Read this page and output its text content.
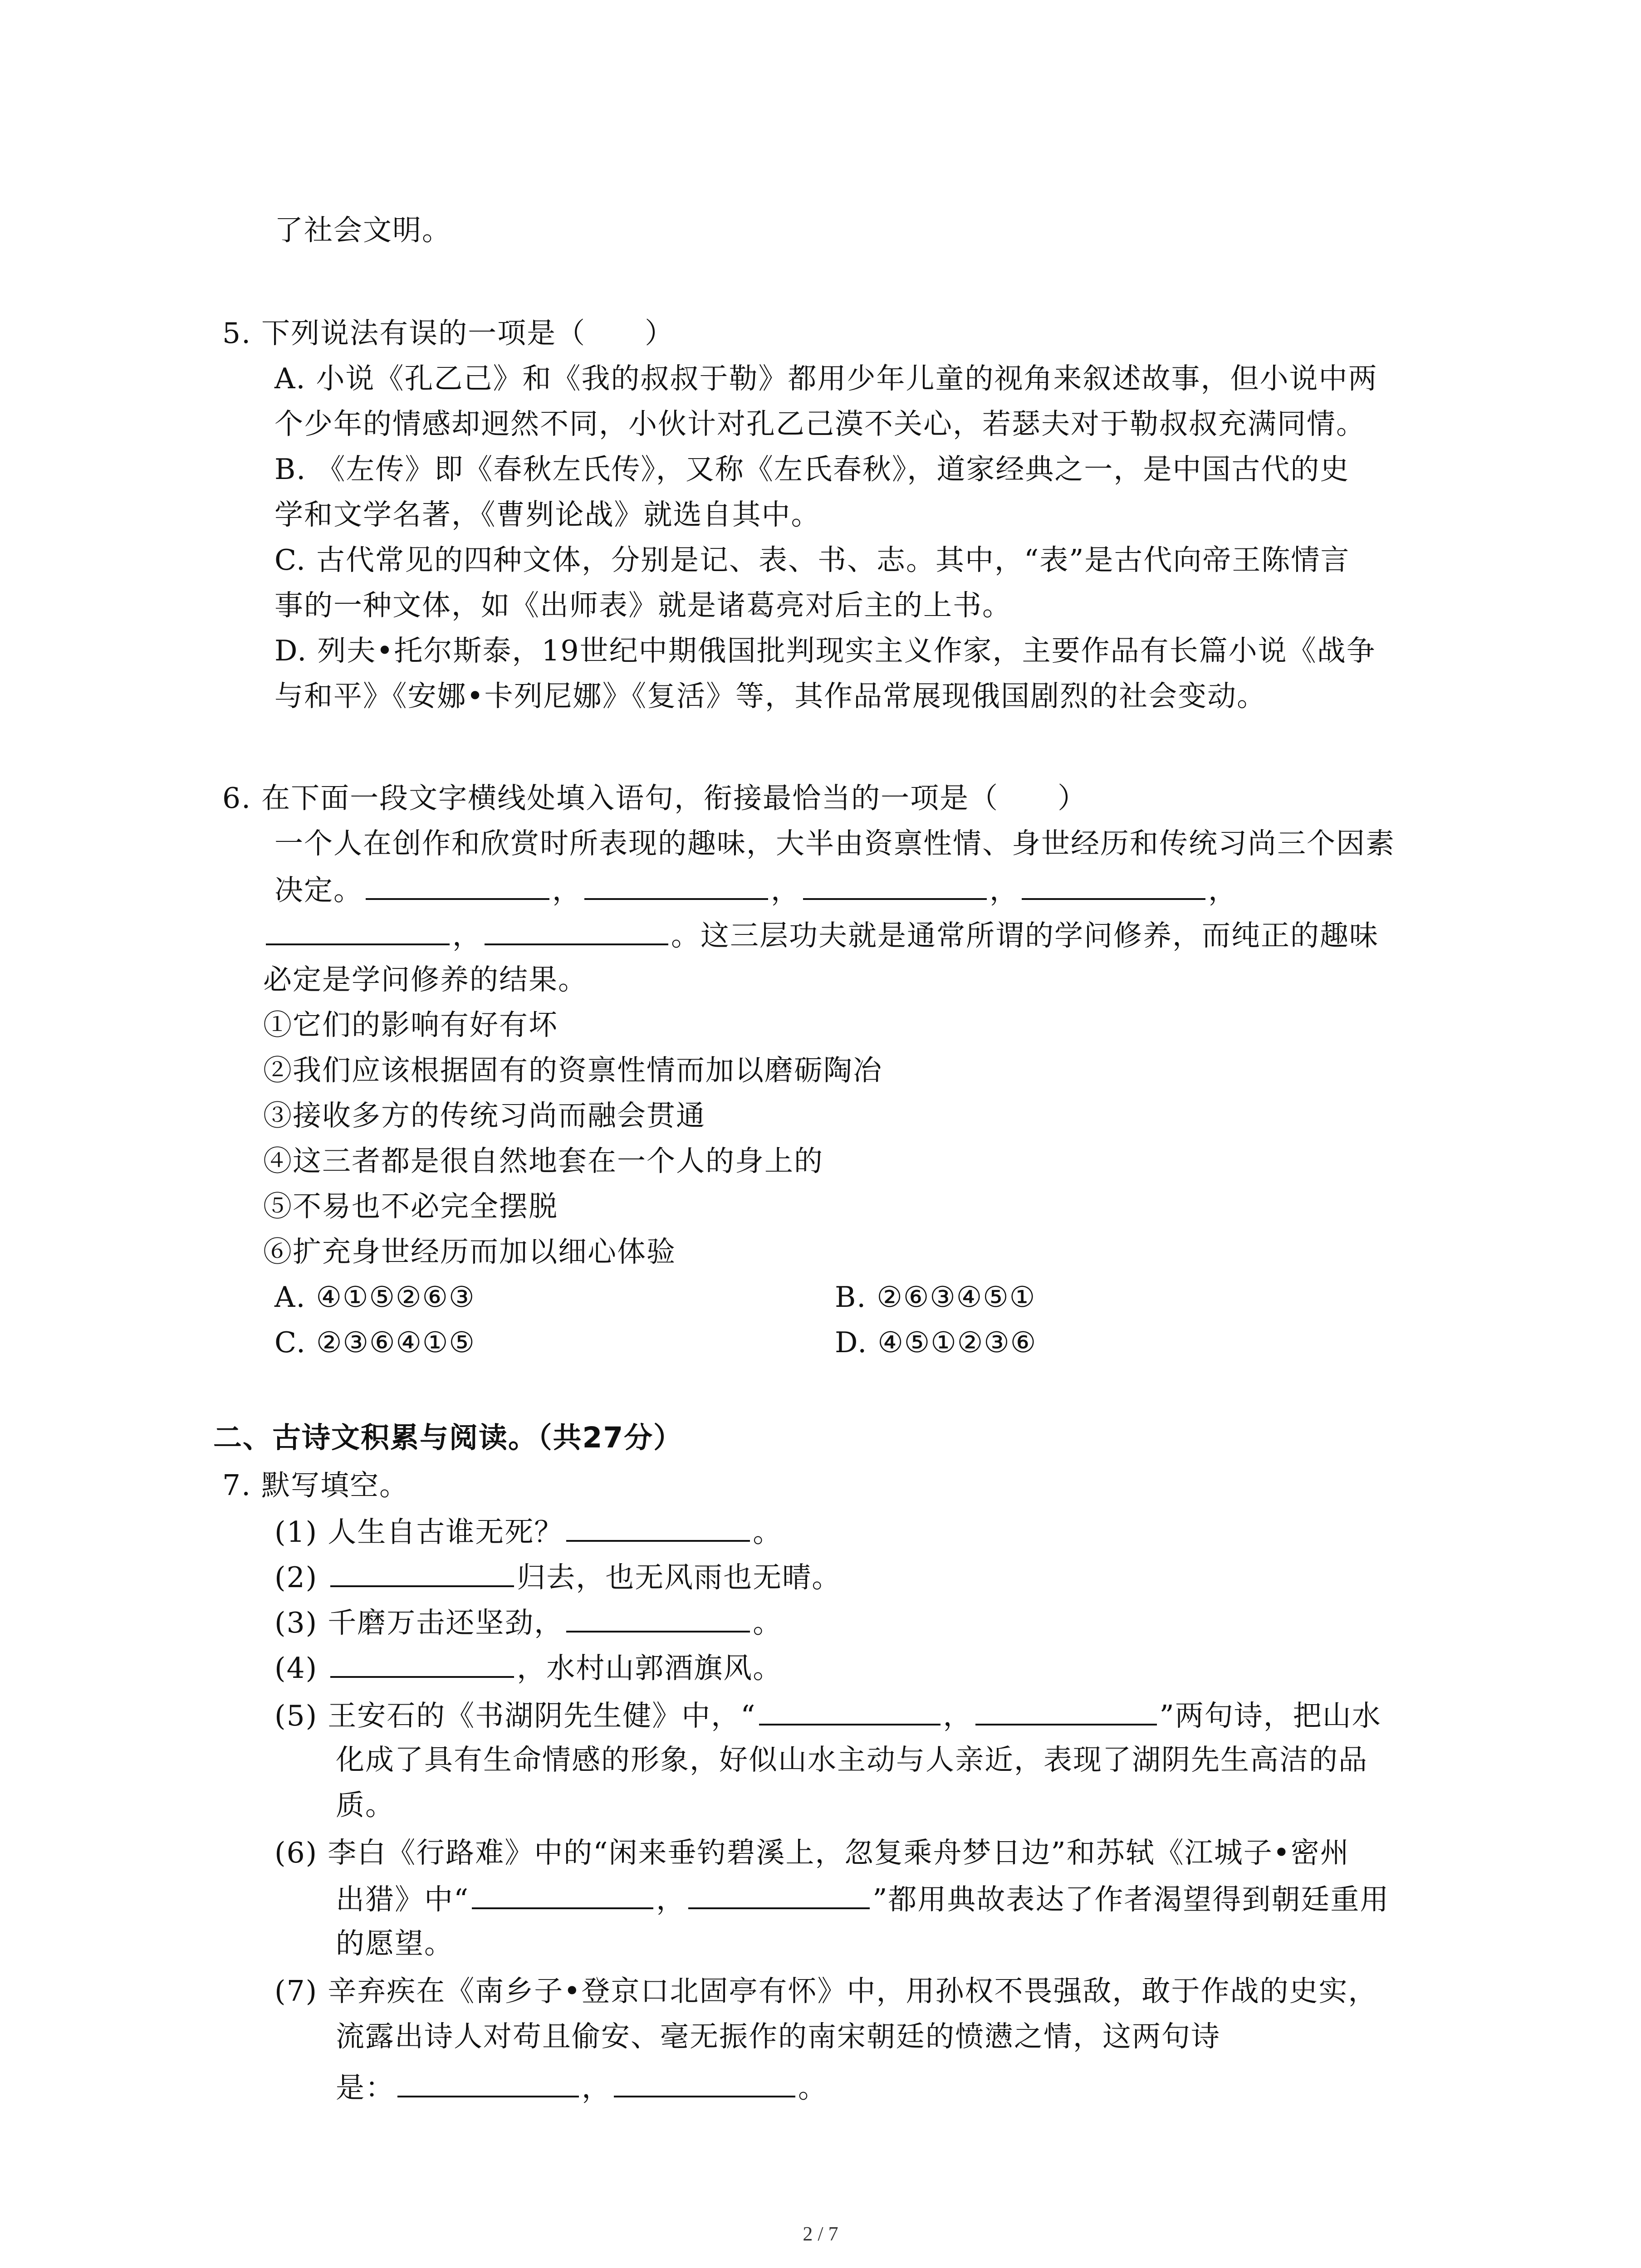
了社会文明。
5. 下列说法有误的一项是（　　）
A. 小说《孔乙己》和《我的叔叔于勒》都用少年儿童的视角来叙述故事，但小说中两
个少年的情感却迥然不同，小伙计对孔乙己漠不关心，若瑟夫对于勒叔叔充满同情。
B. 《左传》即《春秋左氏传》，又称《左氏春秋》，道家经典之一，是中国古代的史
学和文学名著，《曹刿论战》就选自其中。
C. 古代常见的四种文体，分别是记、表、书、志。其中，“表”是古代向帝王陈情言
事的一种文体，如《出师表》就是诸葛亮对后主的上书。
D. 列夫•托尔斯泰，19世纪中期俄国批判现实主义作家，主要作品有长篇小说《战争
与和平》《安娜•卡列尼娜》《复活》等，其作品常展现俄国剧烈的社会变动。
6. 在下面一段文字横线处填入语句，衔接最恰当的一项是（　　）
一个人在创作和欣赏时所表现的趣味，大半由资禀性情、身世经历和传统习尚三个因素
决定。	，	，	，	，
，	。这三层功夫就是通常所谓的学问修养，而纯正的趣味
必定是学问修养的结果。
①它们的影响有好有坏
②我们应该根据固有的资禀性情而加以磨砺陶冶
③接收多方的传统习尚而融会贯通
④这三者都是很自然地套在一个人的身上的
⑤不易也不必完全摆脱
⑥扩充身世经历而加以细心体验
A. ④①⑤②⑥③	B. ②⑥③④⑤①
C. ②③⑥④①⑤	D. ④⑤①②③⑥
二、古诗文积累与阅读。（共27分）
7. 默写填空。
(1) 人生自古谁无死？	。
(2)	归去，也无风雨也无晴。
(3) 千磨万击还坚劲，	。
(4)	，水村山郭酒旗风。
(5) 王安石的《书湖阴先生健》中，“	，	”两句诗，把山水
化成了具有生命情感的形象，好似山水主动与人亲近，表现了湖阴先生高洁的品
质。
(6) 李白《行路难》中的“闲来垂钓碧溪上，忽复乘舟梦日边”和苏轼《江城子•密州
出猎》中“	，	”都用典故表达了作者渴望得到朝廷重用
的愿望。
(7) 辛弃疾在《南乡子•登京口北固亭有怀》中，用孙权不畏强敌，敢于作战的史实，
流露出诗人对苟且偷安、毫无振作的南宋朝廷的愤懑之情，这两句诗
是：	，	。
2 / 7
